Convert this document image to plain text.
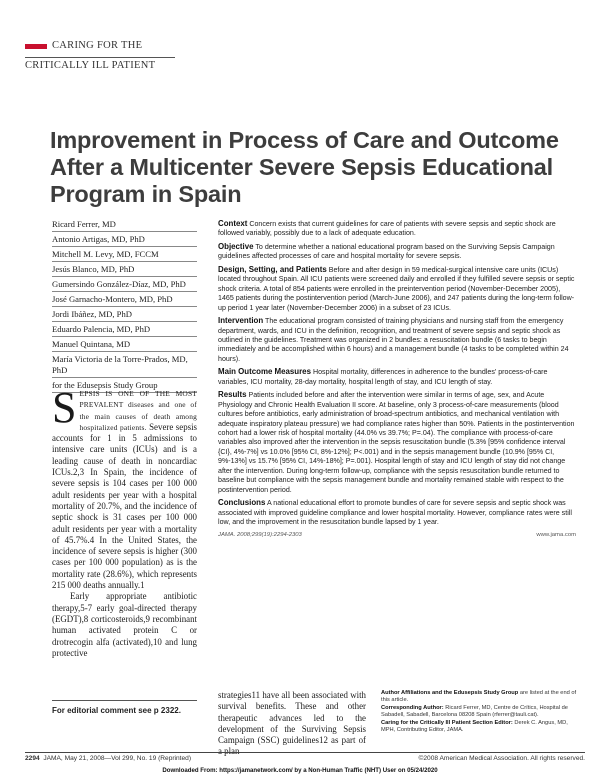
CARING FOR THE
CRITICALLY ILL PATIENT
Improvement in Process of Care and Outcome After a Multicenter Severe Sepsis Educational Program in Spain
Ricard Ferrer, MD
Antonio Artigas, MD, PhD
Mitchell M. Levy, MD, FCCM
Jesús Blanco, MD, PhD
Gumersindo González-Díaz, MD, PhD
José Garnacho-Montero, MD, PhD
Jordi Ibáñez, MD, PhD
Eduardo Palencia, MD, PhD
Manuel Quintana, MD
María Victoria de la Torre-Prados, MD, PhD
for the Edusepsis Study Group

Context Concern exists that current guidelines for care of patients with severe sepsis and septic shock are followed variably, possibly due to a lack of adequate education.

Objective To determine whether a national educational program based on the Surviving Sepsis Campaign guidelines affected processes of care and hospital mortality for severe sepsis.

Design, Setting, and Patients Before and after design in 59 medical-surgical intensive care units (ICUs) located throughout Spain. All ICU patients were screened daily and enrolled if they fulfilled severe sepsis or septic shock criteria. A total of 854 patients were enrolled in the preintervention period (November-December 2005), 1465 patients during the postintervention period (March-June 2006), and 247 patients during the long-term follow-up period 1 year later (November-December 2006) in a subset of 23 ICUs.

Intervention The educational program consisted of training physicians and nursing staff from the emergency department, wards, and ICU in the definition, recognition, and treatment of severe sepsis and septic shock as outlined in the guidelines. Treatment was organized in 2 bundles: a resuscitation bundle (6 tasks to begin immediately and be accomplished within 6 hours) and a management bundle (4 tasks to be completed within 24 hours).

Main Outcome Measures Hospital mortality, differences in adherence to the bundles' process-of-care variables, ICU mortality, 28-day mortality, hospital length of stay, and ICU length of stay.

Results Patients included before and after the intervention were similar in terms of age, sex, and Acute Physiology and Chronic Health Evaluation II score. At baseline, only 3 process-of-care measurements (blood cultures before antibiotics, early administration of broad-spectrum antibiotics, and mechanical ventilation with adequate inspiratory plateau pressure) we had compliance rates higher than 50%. Patients in the postintervention cohort had a lower risk of hospital mortality (44.0% vs 39.7%; P=.04). The compliance with process-of-care variables also improved after the intervention in the sepsis resuscitation bundle (5.3% [95% confidence interval {CI}, 4%-7%] vs 10.0% [95% CI, 8%-12%]; P<.001) and in the sepsis management bundle (10.9% [95% CI, 9%-13%] vs 15.7% [95% CI, 14%-18%]; P=.001). Hospital length of stay and ICU length of stay did not change after the intervention. During long-term follow-up, compliance with the sepsis resuscitation bundle returned to baseline but compliance with the sepsis management bundle and mortality remained stable with respect to the postintervention period.

Conclusions A national educational effort to promote bundles of care for severe sepsis and septic shock was associated with improved guideline compliance and lower hospital mortality. However, compliance rates were still low, and the improvement in the resuscitation bundle lapsed by 1 year.

JAMA. 2008;299(19):2294-2303	www.jama.com

SEPSIS IS ONE OF THE MOST PREVALENT diseases and one of the main causes of death among hospitalized patients. Severe sepsis accounts for 1 in 5 admissions to intensive care units (ICUs) and is a leading cause of death in noncardiac ICUs.2,3 In Spain, the incidence of severe sepsis is 104 cases per 100 000 adult residents per year with a hospital mortality of 20.7%, and the incidence of septic shock is 31 cases per 100 000 adult residents per year with a mortality of 45.7%.4 In the United States, the incidence of severe sepsis is higher (300 cases per 100 000 population) as is the mortality rate (28.6%), which represents 215 000 deaths annually.1

Early appropriate antibiotic therapy,5-7 early goal-directed therapy (EGDT),8 corticosteroids,9 recombinant human activated protein C or drotrecogin alfa (activated),10 and lung protective

For editorial comment see p 2322.
strategies11 have all been associated with survival benefits. These and other therapeutic advances led to the development of the Surviving Sepsis Campaign (SSC) guidelines12 as part of a plan

Author Affiliations and the Edusepsis Study Group are listed at the end of this article.

Corresponding Author: Ricard Ferrer, MD, Centre de Crítics, Hospital de Sabadell, Sabadell, Barcelona 08208 Spain (rferrer@tauli.cat).

Caring for the Critically Ill Patient Section Editor: Derek C. Angus, MD, MPH, Contributing Editor, JAMA.

2294 JAMA, May 21, 2008—Vol 299, No. 19 (Reprinted)	©2008 American Medical Association. All rights reserved.
Downloaded From: https://jamanetwork.com/ by a Non-Human Traffic (NHT) User on 05/24/2020
